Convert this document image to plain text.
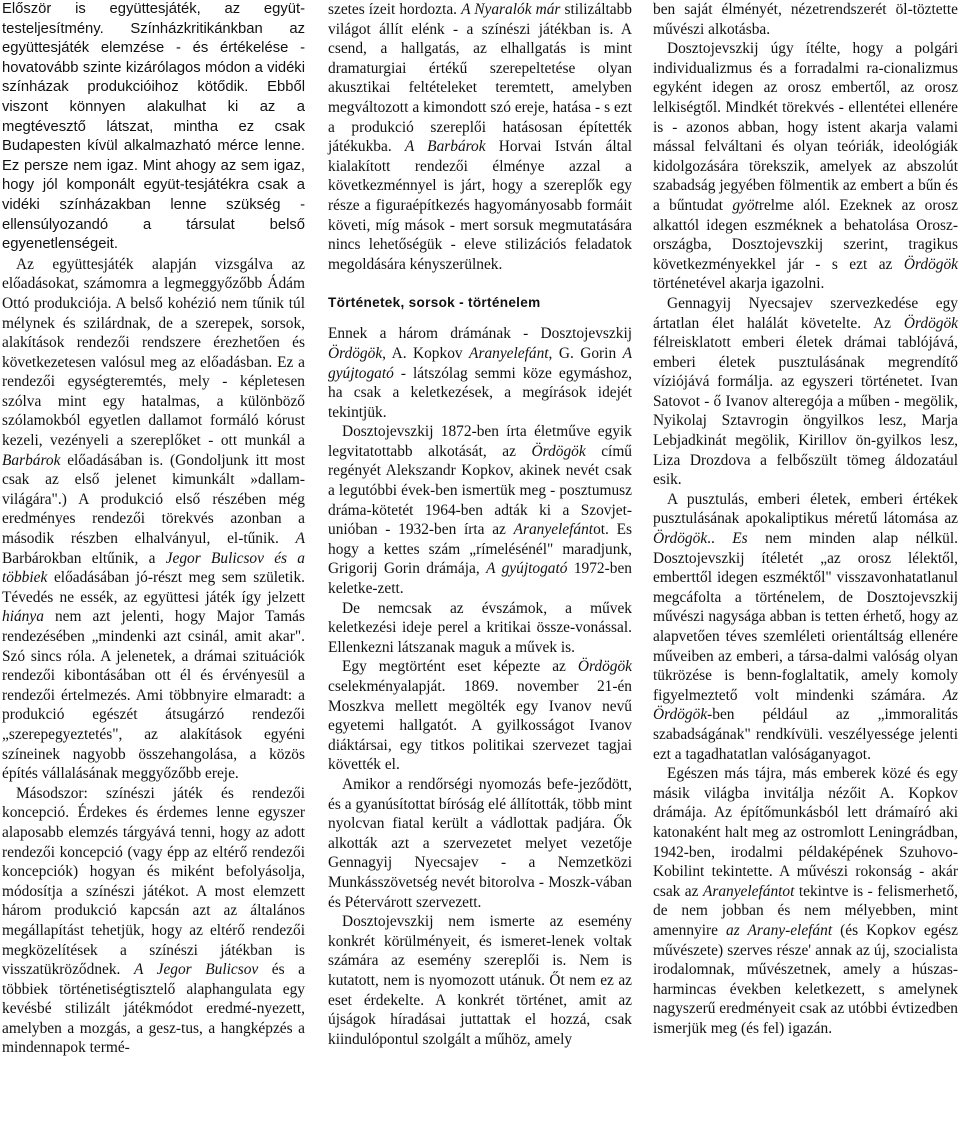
Először is együttesjáték, az együt-testeljesítmény. Színházkritikánkban az együttesjáték elemzése - és értékelése - hovatovább szinte kizárólagos módon a vidéki színházak produkcióihoz kötődik. Ebből viszont könnyen alakulhat ki az a megtévesztő látszat, mintha ez csak Budapesten kívül alkalmazható mérce lenne. Ez persze nem igaz. Mint ahogy az sem igaz, hogy jól komponált együt-tesjátékra csak a vidéki színházakban lenne szükség - ellensúlyozandó a társulat belső egyenetlenségeit.

Az együttesjáték alapján vizsgálva az előadásokat, számomra a legmeggyőzőbb Ádám Ottó produkciója. A belső kohézió nem tűnik túl mélynek és szilárdnak, de a szerepek, sorsok, alakítások rendezői rendszere érezhetően és következetesen valósul meg az előadásban. Ez a rendezői egységteremtés, mely - képletesen szólva mint egy hatalmas, a különböző szólamokból egyetlen dallamot formáló kórust kezeli, vezényeli a szereplőket - ott munkál a Barbárok előadásában is. (Gondoljunk itt most csak az első jelenet kimunkált »dallam-világára".) A produkció első részében még eredményes rendezői törekvés azonban a második részben elhalványul, el-tűnik. A Barbárokban eltűnik, a Jegor Bulicsov és a többiek előadásában jó-részt meg sem születik. Tévedés ne essék, az együttesi játék így jelzett hiánya nem azt jelenti, hogy Major Tamás rendezésében „mindenki azt csinál, amit akar". Szó sincs róla. A jelenetek, a drámai szituációk rendezői kibontásában ott él és érvényesül a rendezői értelmezés. Ami többnyire elmaradt: a produkció egészét átsugárzó rendezői „szerepegyeztetés", az alakítások egyéni színeinek nagyobb összehangolása, a közös építés vállalásának meggyőzőbb ereje.

Másodszor: színészi játék és rendezői koncepció. Érdekes és érdemes lenne egyszer alaposabb elemzés tárgyává tenni, hogy az adott rendezői koncepció (vagy épp az eltérő rendezői koncepciók) hogyan és miként befolyásolja, módosítja a színészi játékot. A most elemzett három produkció kapcsán azt az általános megállapítást tehetjük, hogy az eltérő rendezői megközelítések a színészi játékban is visszatükröződnek. A Jegor Bulicsov és a többiek történetiségtisztelő alaphangulata egy kevésbé stilizált játékmódot eredmé-nyezett, amelyben a mozgás, a gesz-tus, a hangképzés a mindennapok termé-

szetes ízeit hordozta. A Nyaralók már stilizáltabb világot állít elénk - a színészi játékban is. A csend, a hallgatás, az elhallgatás is mint dramaturgiai értékű szerepeltetése olyan akusztikai feltételeket teremtett, amelyben megváltozott a kimondott szó ereje, hatása - s ezt a produkció szereplői hatásosan építették játékukba. A Barbárok Horvai István által kialakított rendezői élménye azzal a következménnyel is járt, hogy a szereplők egy része a figuraépítkezés hagyományosabb formáit követi, míg mások - mert sorsuk megmutatására nincs lehetőségük - eleve stilizációs feladatok megoldására kényszerülnek.

Történetek, sorsok - történelem

Ennek a három drámának - Dosztojevszkij Ördögök, A. Kopkov Aranyelefánt, G. Gorin A gyújtogató - látszólag semmi köze egymáshoz, ha csak a keletkezések, a megírások idejét tekintjük.

Dosztojevszkij 1872-ben írta életműve egyik legvitatottabb alkotását, az Ördögök című regényét Alekszandr Kopkov, akinek nevét csak a legutóbbi évek-ben ismertük meg - posztumusz dráma-kötetét 1964-ben adták ki a Szovjet-unióban - 1932-ben írta az Aranyelefántot. Es hogy a kettes szám „rímelésénél" maradjunk, Grigorij Gorin drámája, A gyújtogató 1972-ben keletke-zett.

De nemcsak az évszámok, a művek keletkezési ideje perel a kritikai össze-vonással. Ellenkezni látszanak maguk a művek is.

Egy megtörtént eset képezte az Ördögök cselekményalapját. 1869. november 21-én Moszkva mellett megölték egy Ivanov nevű egyetemi hallgatót. A gyilkosságot Ivanov diáktársai, egy titkos politikai szervezet tagjai követték el.

Amikor a rendőrségi nyomozás befe-jeződött, és a gyanúsítottat bíróság elé állították, több mint nyolcvan fiatal került a vádlottak padjára. Ők alkották azt a szervezetet melyet vezetője Gennagyij Nyecsajev - a Nemzetközi Munkásszövetség nevét bitorolva - Moszk-vában és Pétervárott szervezett.

Dosztojevszkij nem ismerte az esemény konkrét körülményeit, és ismeret-lenek voltak számára az esemény szereplői is. Nem is kutatott, nem is nyomozott utánuk. Őt nem ez az eset érdekelte. A konkrét történet, amit az újságok híradásai juttattak el hozzá, csak kiindulópontul szolgált a műhöz, amely

ben saját élményét, nézetrendszerét öl-töztette művészi alkotásba.

Dosztojevszkij úgy ítélte, hogy a polgári individualizmus és a forradalmi ra-cionalizmus egyként idegen az orosz embertől, az orosz lelkiségtől. Mindkét törekvés - ellentétei ellenére is - azonos abban, hogy istent akarja valami mással felváltani és olyan teóriák, ideológiák kidolgozására törekszik, amelyek az abszolút szabadság jegyében fölmentik az embert a bűn és a bűntudat gyötrelme alól. Ezeknek az orosz alkattól idegen eszméknek a behatolása Orosz-országba, Dosztojevszkij szerint, tragikus következményekkel jár - s ezt az Ördögök történetével akarja igazolni.

Gennagyij Nyecsajev szervezkedése egy ártatlan élet halálát követelte. Az Ördögök félreisklatott emberi életek drámai tablójává, emberi életek pusztulásának megrendítő víziójává formálja. az egyszeri történetet. Ivan Satovot - ő Ivanov alteregója a műben - megölik, Nyikolaj Sztavrogin öngyilkos lesz, Marja Lebjadkinát megölik, Kirillov ön-gyilkos lesz, Liza Drozdova a felbőszült tömeg áldozatául esik.

A pusztulás, emberi életek, emberi értékek pusztulásának apokaliptikus méretű látomása az Ördögök.. Es nem minden alap nélkül. Dosztojevszkij ítéletét „az orosz lélektől, emberttől idegen eszméktől" visszavonhatatlanul megcáfolta a történelem, de Dosztojevszkij művészi nagysága abban is tetten érhető, hogy az alapvetően téves szemléleti orientáltság ellenére műveiben az emberi, a társa-dalmi valóság olyan tükrözése is benn-foglaltatik, amely komoly figyelmeztető volt mindenki számára. Az Ördögök-ben például az „immoralitás szabadságának" rendkívüli. veszélyessége jelenti ezt a tagadhatatlan valóságanyagot.

Egészen más tájra, más emberek közé és egy másik világba invitálja nézőit A. Kopkov drámája. Az építőmunkásból lett drámaíró aki katonaként halt meg az ostromlott Leningrádban, 1942-ben, irodalmi példaképének Szuhovo-Kobilint tekintette. A művészi rokonság - akár csak az Aranyelefántot tekintve is - felismerhető, de nem jobban és nem mélyebben, mint amennyire az Arany-elefánt (és Kopkov egész művészete) szerves része' annak az új, szocialista irodalomnak, művészetnek, amely a húszas-harmincas években keletkezett, s amelynek nagyszerű eredményeit csak az utóbbi évtizedben ismerjük meg (és fel) igazán.
